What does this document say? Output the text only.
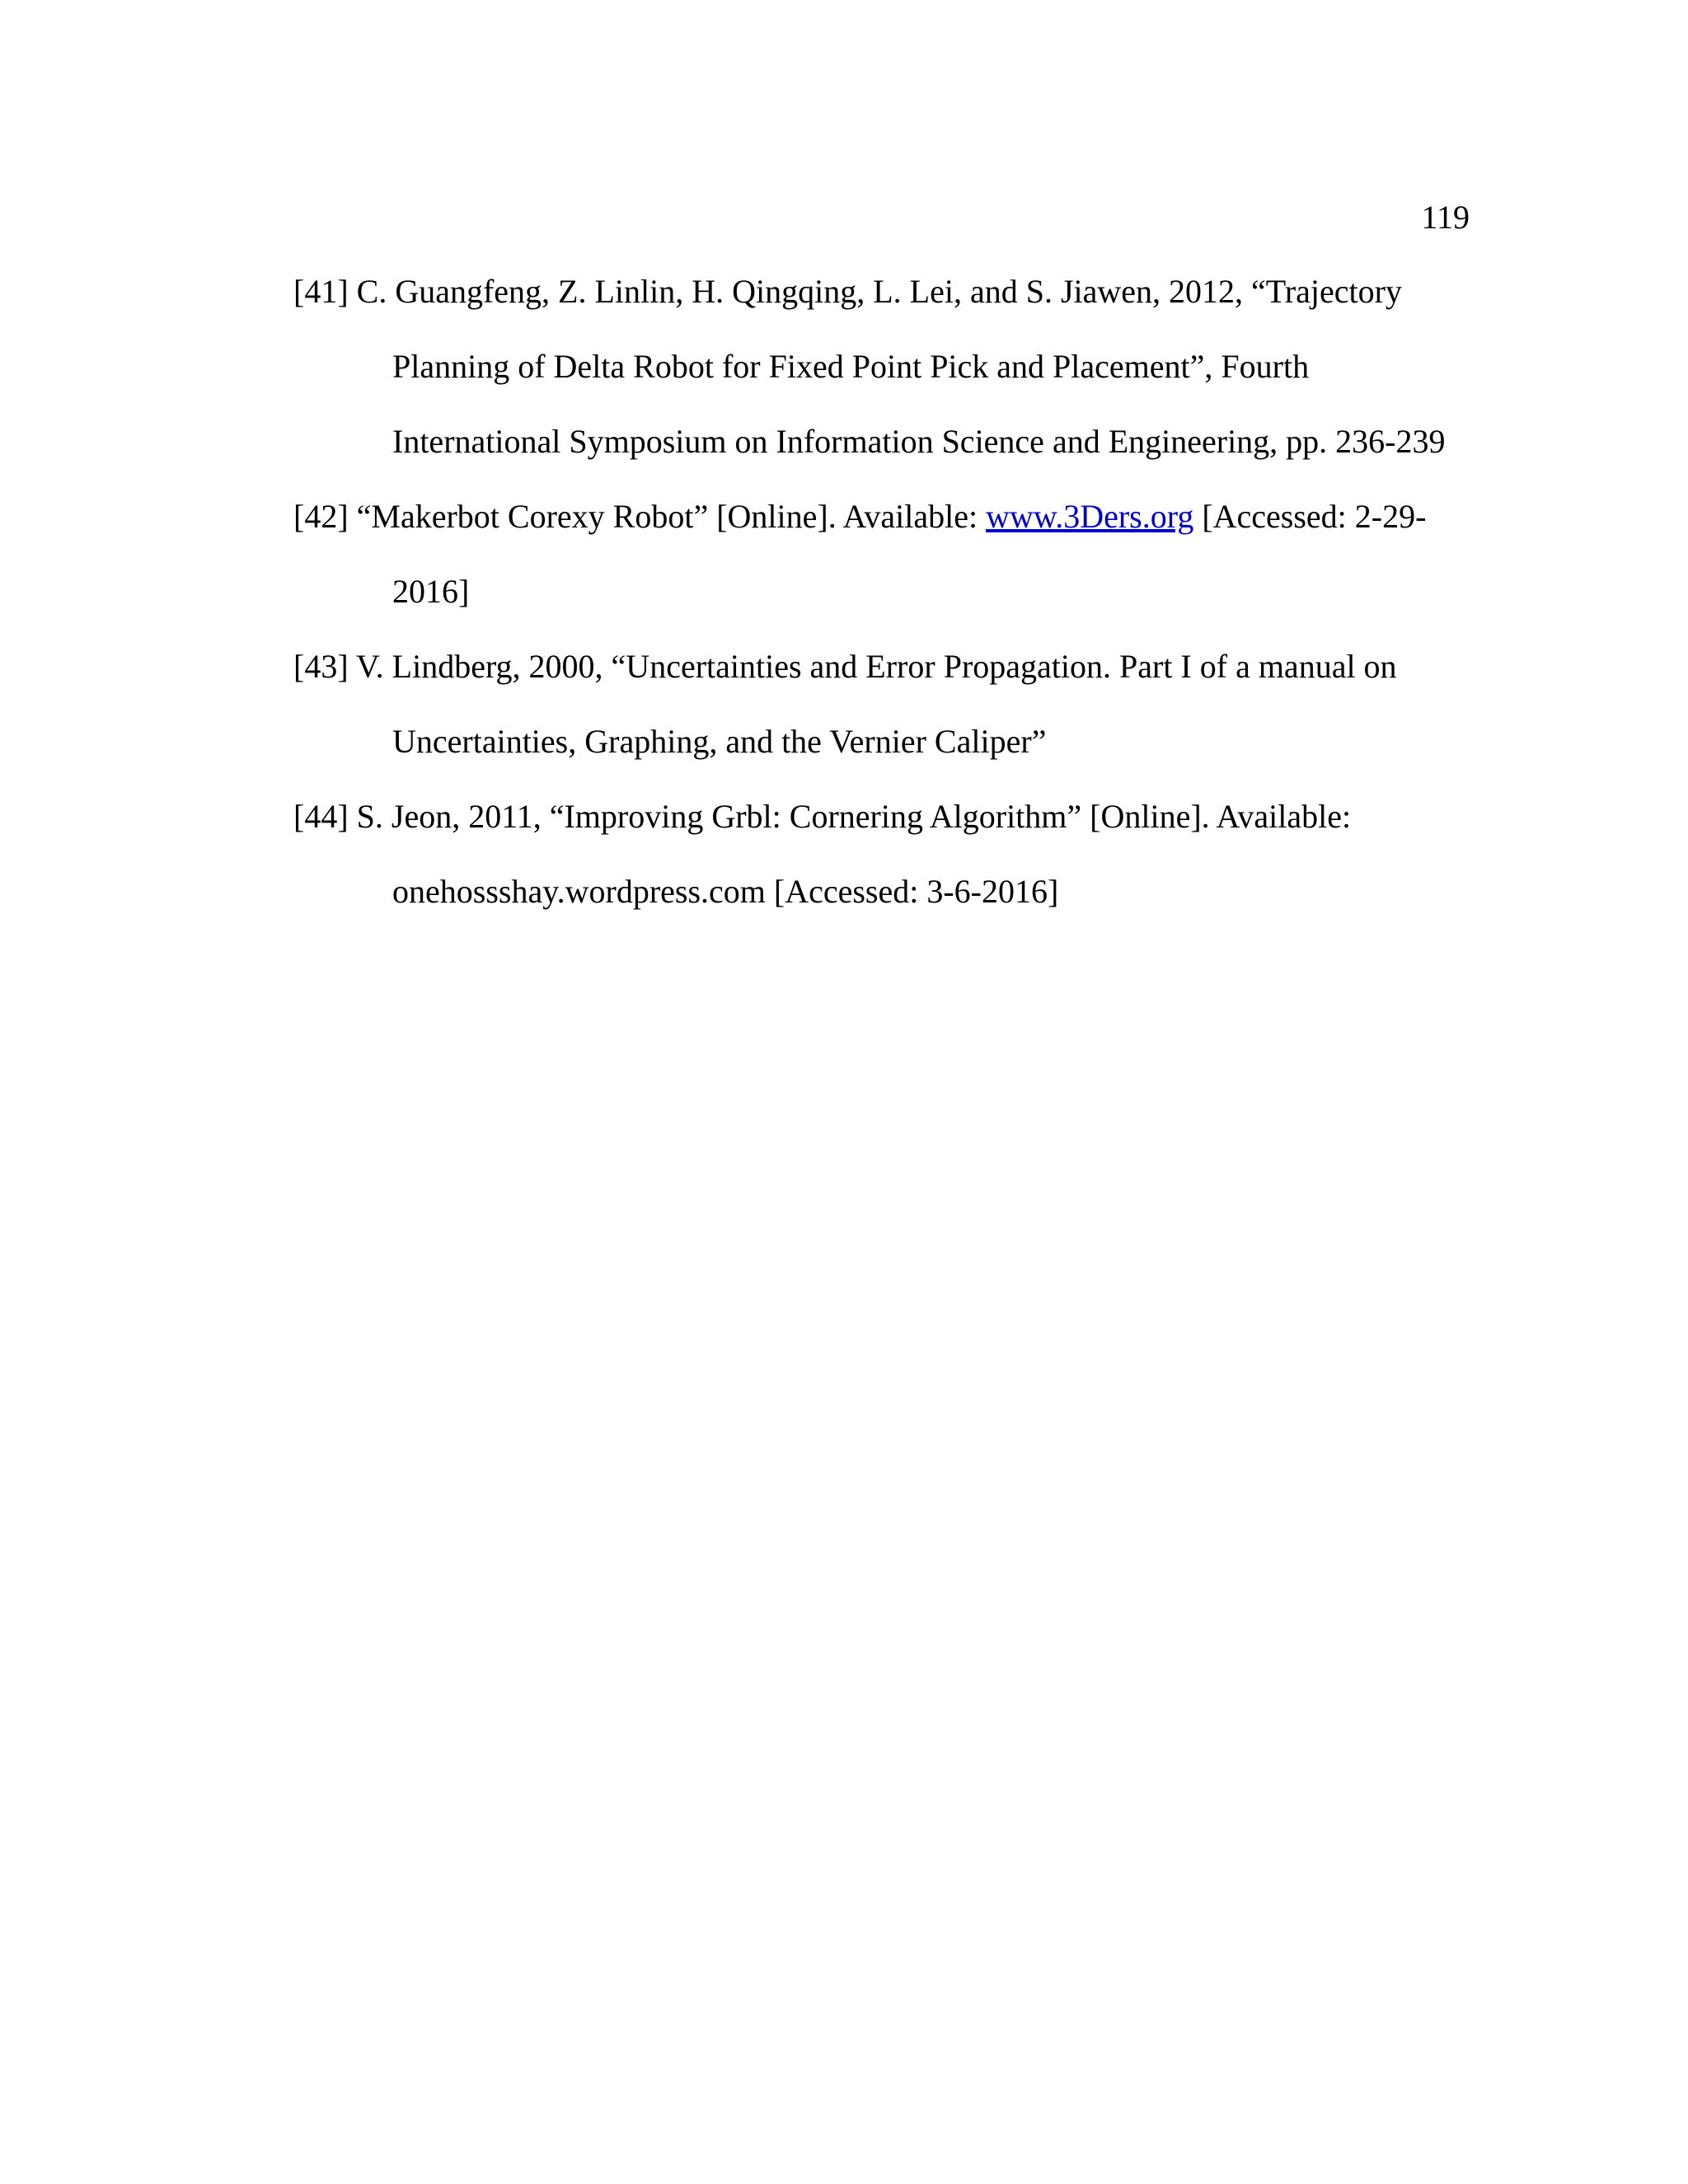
119
[41] C. Guangfeng, Z. Linlin, H. Qingqing, L. Lei, and S. Jiawen, 2012, “Trajectory
Planning of Delta Robot for Fixed Point Pick and Placement”, Fourth
International Symposium on Information Science and Engineering, pp. 236-239
[42] “Makerbot Corexy Robot” [Online]. Available: www.3Ders.org [Accessed: 2-29-
2016]
[43] V. Lindberg, 2000, “Uncertainties and Error Propagation. Part I of a manual on
Uncertainties, Graphing, and the Vernier Caliper”
[44] S. Jeon, 2011, “Improving Grbl: Cornering Algorithm” [Online]. Available:
onehossshay.wordpress.com [Accessed: 3-6-2016]
